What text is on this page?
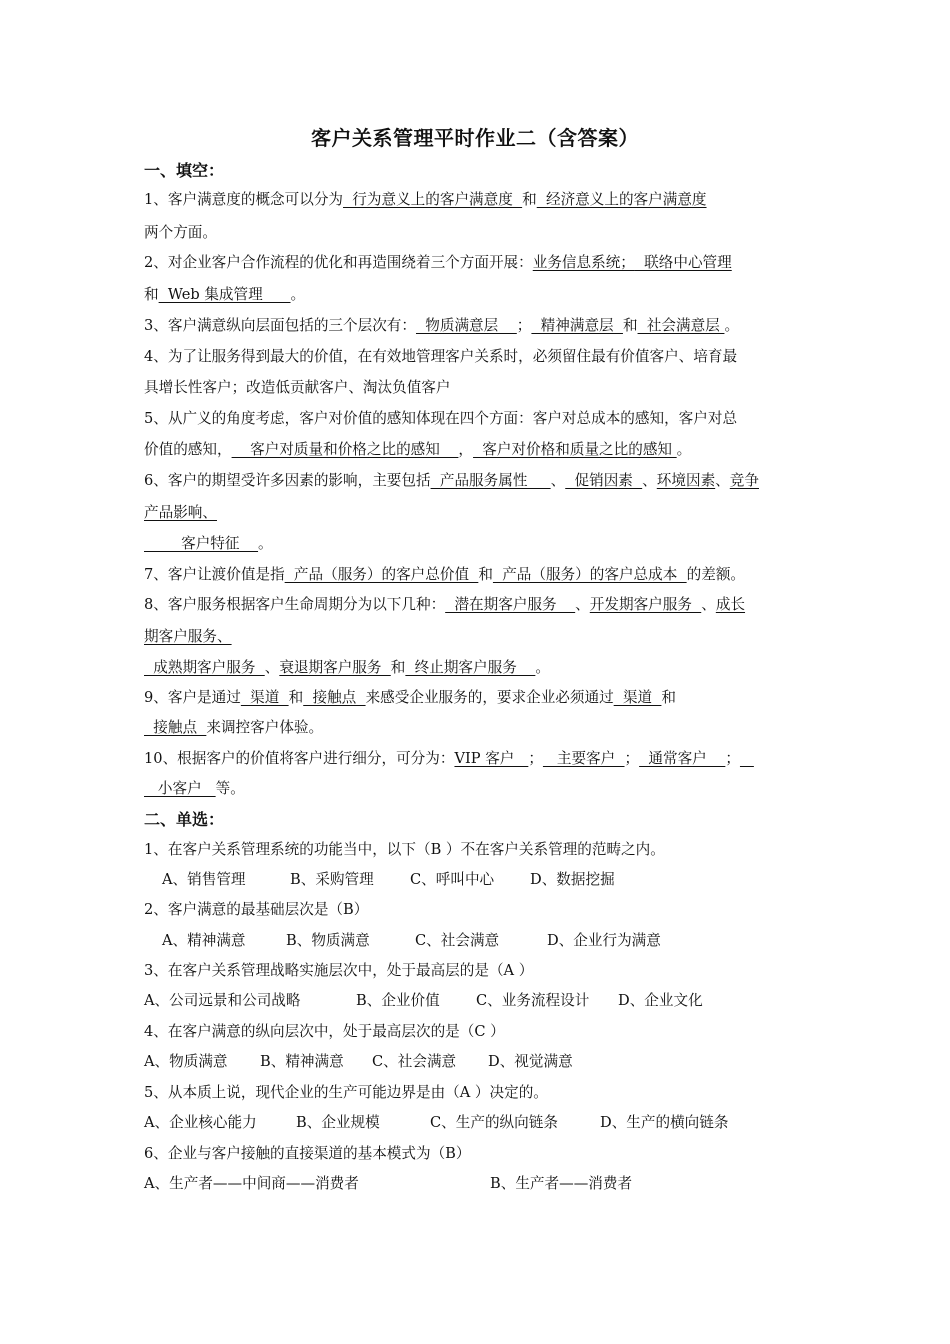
客户关系管理平时作业二（含答案）
一、填空：
1、客户满意度的概念可以分为  行为意义上的客户满意度  和  经济意义上的客户满意度
两个方面。
2、对企业客户合作流程的优化和再造围绕着三个方面开展：业务信息系统；  联络中心管理
和  Web 集成管理      。
3、客户满意纵向层面包括的三个层次有：  物质满意层    ；  精神满意层  和  社会满意层 。
4、为了让服务得到最大的价值，在有效地管理客户关系时，必须留住最有价值客户、培育最
具增长性客户；改造低贡献客户、淘汰负值客户
5、从广义的角度考虑，客户对价值的感知体现在四个方面：客户对总成本的感知，客户对总
价值的感知，    客户对质量和价格之比的感知    ，  客户对价格和质量之比的感知 。
6、客户的期望受许多因素的影响，主要包括  产品服务属性     、  促销因素  、环境因素、竞争
产品影响、
客户特征    。
7、客户让渡价值是指  产品（服务）的客户总价值  和  产品（服务）的客户总成本  的差额。
8、客户服务根据客户生命周期分为以下几种：  潜在期客户服务    、开发期客户服务  、成长
期客户服务、
成熟期客户服务  、衰退期客户服务  和  终止期客户服务    。
9、客户是通过  渠道  和  接触点  来感受企业服务的，要求企业必须通过  渠道  和
接触点  来调控客户体验。
10、根据客户的价值将客户进行细分，可分为：VIP 客户   ；   主要客户  ；  通常客户    ；
小客户   等。
二、单选：
1、在客户关系管理系统的功能当中，以下（B ）不在客户关系管理的范畴之内。
A、销售管理	B、采购管理 C、呼叫中心 D、数据挖掘
2、客户满意的最基础层次是（B）
A、精神满意	B、物质满意	C、社会满意	D、企业行为满意
3、在客户关系管理战略实施层次中，处于最高层的是（A ）
A、公司远景和公司战略	B、企业价值 C、业务流程设计 D、企业文化
4、在客户满意的纵向层次中，处于最高层次的是（C ）
A、物质满意 B、精神满意 C、社会满意 D、视觉满意
5、从本质上说，现代企业的生产可能边界是由（A ）决定的。
A、企业核心能力	B、企业规模	C、生产的纵向链条	D、生产的横向链条
6、企业与客户接触的直接渠道的基本模式为（B）
A、生产者——中间商——消费者	B、生产者——消费者
